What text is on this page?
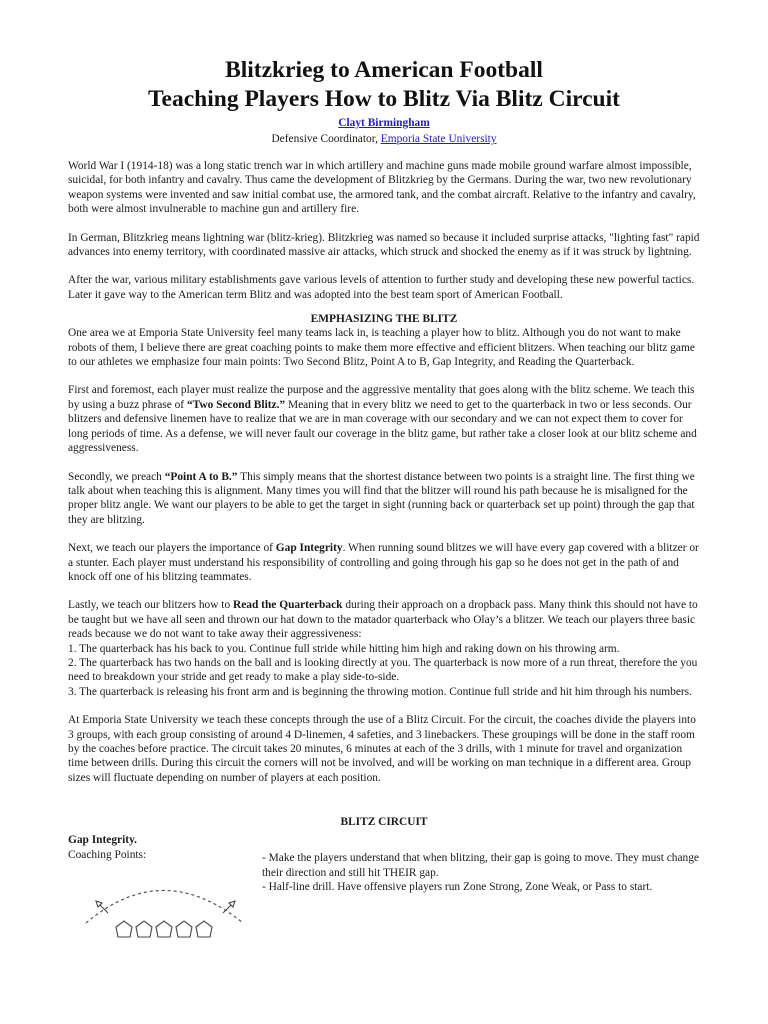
Blitzkrieg to American Football
Teaching Players How to Blitz Via Blitz Circuit
Clayt Birmingham
Defensive Coordinator, Emporia State University

World War I (1914-18) was a long static trench war in which artillery and machine guns made mobile ground warfare almost impossible, suicidal, for both infantry and cavalry. Thus came the development of Blitzkrieg by the Germans. During the war, two new revolutionary weapon systems were invented and saw initial combat use, the armored tank, and the combat aircraft. Relative to the infantry and cavalry, both were almost invulnerable to machine gun and artillery fire.

In German, Blitzkrieg means lightning war (blitz-krieg). Blitzkrieg was named so because it included surprise attacks, "lighting fast" rapid advances into enemy territory, with coordinated massive air attacks, which struck and shocked the enemy as if it was struck by lightning.

After the war, various military establishments gave various levels of attention to further study and developing these new powerful tactics. Later it gave way to the American term Blitz and was adopted into the best team sport of American Football.

EMPHASIZING THE BLITZ

One area we at Emporia State University feel many teams lack in, is teaching a player how to blitz. Although you do not want to make robots of them, I believe there are great coaching points to make them more effective and efficient blitzers. When teaching our blitz game to our athletes we emphasize four main points: Two Second Blitz, Point A to B, Gap Integrity, and Reading the Quarterback.

First and foremost, each player must realize the purpose and the aggressive mentality that goes along with the blitz scheme. We teach this by using a buzz phrase of “Two Second Blitz.” Meaning that in every blitz we need to get to the quarterback in two or less seconds. Our blitzers and defensive linemen have to realize that we are in man coverage with our secondary and we can not expect them to cover for long periods of time. As a defense, we will never fault our coverage in the blitz game, but rather take a closer look at our blitz scheme and aggressiveness.

Secondly, we preach “Point A to B.” This simply means that the shortest distance between two points is a straight line. The first thing we talk about when teaching this is alignment. Many times you will find that the blitzer will round his path because he is misaligned for the proper blitz angle. We want our players to be able to get the target in sight (running back or quarterback set up point) through the gap that they are blitzing.

Next, we teach our players the importance of Gap Integrity. When running sound blitzes we will have every gap covered with a blitzer or a stunter. Each player must understand his responsibility of controlling and going through his gap so he does not get in the path of and knock off one of his blitzing teammates.

Lastly, we teach our blitzers how to Read the Quarterback during their approach on a dropback pass. Many think this should not have to be taught but we have all seen and thrown our hat down to the matador quarterback who Olay’s a blitzer. We teach our players three basic reads because we do not want to take away their aggressiveness:

1. The quarterback has his back to you. Continue full stride while hitting him high and raking down on his throwing arm.

2. The quarterback has two hands on the ball and is looking directly at you. The quarterback is now more of a run threat, therefore the you need to breakdown your stride and get ready to make a play side-to-side.

3. The quarterback is releasing his front arm and is beginning the throwing motion. Continue full stride and hit him through his numbers.

At Emporia State University we teach these concepts through the use of a Blitz Circuit. For the circuit, the coaches divide the players into 3 groups, with each group consisting of around 4 D-linemen, 4 safeties, and 3 linebackers. These groupings will be done in the staff room by the coaches before practice. The circuit takes 20 minutes, 6 minutes at each of the 3 drills, with 1 minute for travel and organization time between drills. During this circuit the corners will not be involved, and will be working on man technique in a different area. Group sizes will fluctuate depending on number of players at each position.

BLITZ CIRCUIT

Gap Integrity.

Coaching Points:	- Make the players understand that when blitzing, their gap is going to move. They must change their direction and still hit THEIR gap.

- Half-line drill. Have offensive players run Zone Strong, Zone Weak, or Pass to start.
